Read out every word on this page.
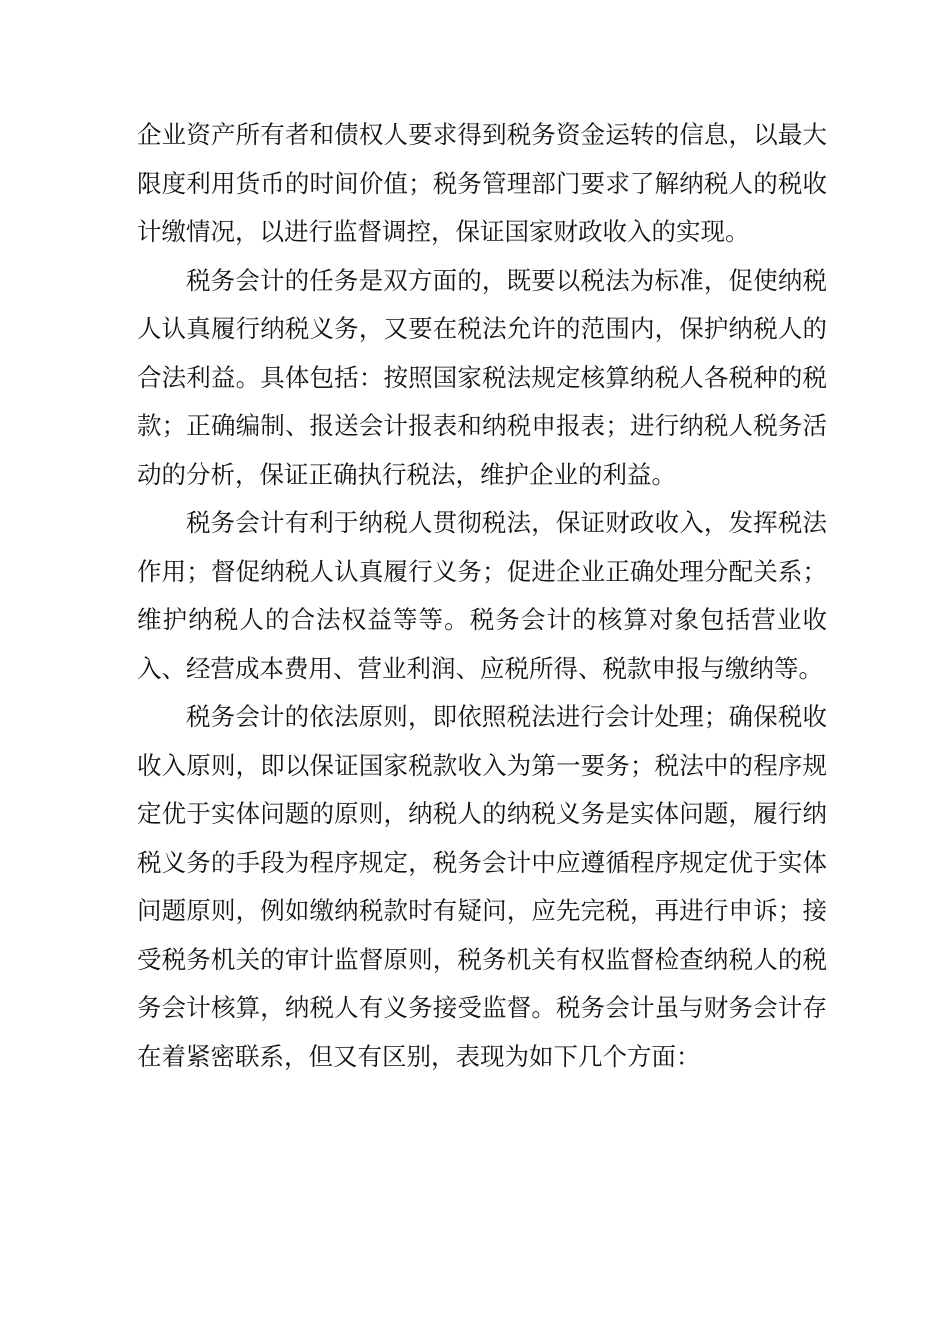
企业资产所有者和债权人要求得到税务资金运转的信息，以最大限度利用货币的时间价值；税务管理部门要求了解纳税人的税收计缴情况，以进行监督调控，保证国家财政收入的实现。

税务会计的任务是双方面的，既要以税法为标准，促使纳税人认真履行纳税义务，又要在税法允许的范围内，保护纳税人的合法利益。具体包括：按照国家税法规定核算纳税人各税种的税款；正确编制、报送会计报表和纳税申报表；进行纳税人税务活动的分析，保证正确执行税法，维护企业的利益。

税务会计有利于纳税人贯彻税法，保证财政收入，发挥税法作用；督促纳税人认真履行义务；促进企业正确处理分配关系；维护纳税人的合法权益等等。税务会计的核算对象包括营业收入、经营成本费用、营业利润、应税所得、税款申报与缴纳等。

税务会计的依法原则，即依照税法进行会计处理；确保税收收入原则，即以保证国家税款收入为第一要务；税法中的程序规定优于实体问题的原则，纳税人的纳税义务是实体问题，履行纳税义务的手段为程序规定，税务会计中应遵循程序规定优于实体问题原则，例如缴纳税款时有疑问，应先完税，再进行申诉；接受税务机关的审计监督原则，税务机关有权监督检查纳税人的税务会计核算，纳税人有义务接受监督。税务会计虽与财务会计存在着紧密联系，但又有区别，表现为如下几个方面：
